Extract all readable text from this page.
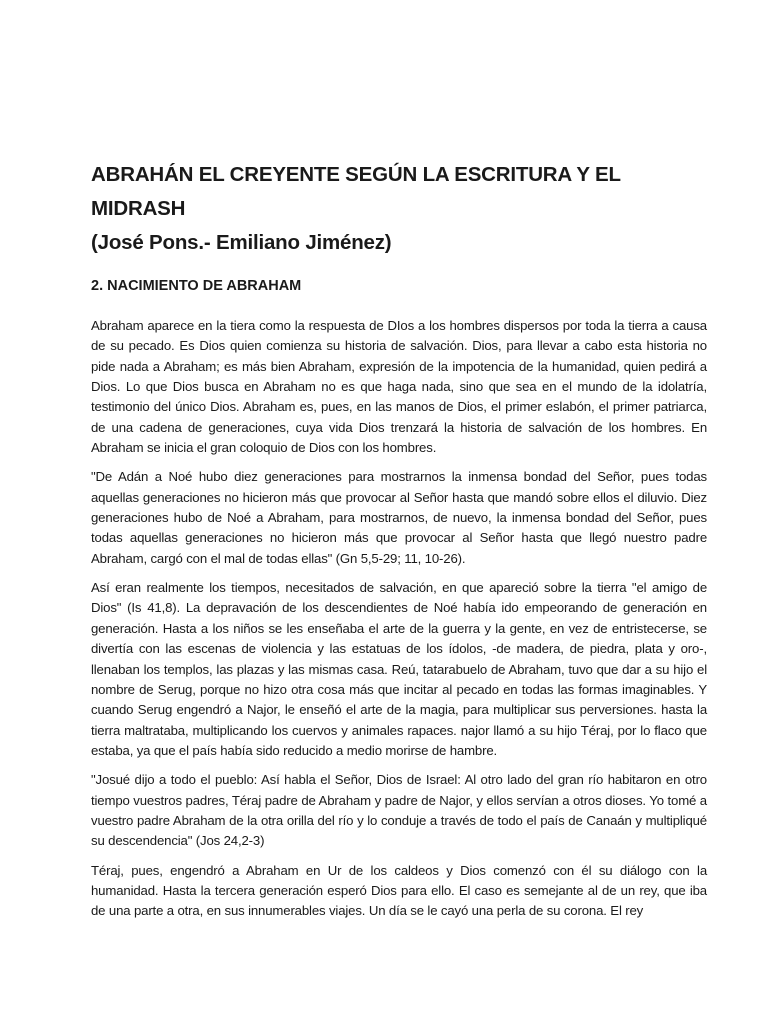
ABRAHÁN EL CREYENTE SEGÚN LA ESCRITURA Y EL MIDRASH
(José Pons.- Emiliano Jiménez)
2. NACIMIENTO DE ABRAHAM

Abraham aparece en la tiera como la respuesta de DIos a los hombres dispersos por toda la tierra a causa de su pecado. Es Dios quien comienza su historia de salvación. Dios, para llevar a cabo esta historia no pide nada a Abraham; es más bien Abraham, expresión de la impotencia de la humanidad, quien pedirá a Dios. Lo que Dios busca en Abraham no es que haga nada, sino que sea en el mundo de la idolatría, testimonio del único Dios. Abraham es, pues, en las manos de Dios, el primer eslabón, el primer patriarca, de una cadena de generaciones, cuya vida Dios trenzará la historia de salvación de los hombres. En Abraham se inicia el gran coloquio de Dios con los hombres.

"De Adán a Noé hubo diez generaciones para mostrarnos la inmensa bondad del Señor, pues todas aquellas generaciones no hicieron más que provocar al Señor hasta que mandó sobre ellos el diluvio. Diez generaciones hubo de Noé a Abraham, para mostrarnos, de nuevo, la inmensa bondad del Señor, pues todas aquellas generaciones no hicieron más que provocar al Señor hasta que llegó nuestro padre Abraham, cargó con el mal de todas ellas" (Gn 5,5-29; 11, 10-26).

Así eran realmente los tiempos, necesitados de salvación, en que apareció sobre la tierra "el amigo de Dios" (Is 41,8). La depravación de los descendientes de Noé había ido empeorando de generación en generación. Hasta a los niños se les enseñaba el arte de la guerra y la gente, en vez de entristecerse, se divertía con las escenas de violencia y las estatuas de los ídolos, -de madera, de piedra, plata y oro-, llenaban los templos, las plazas y las mismas casa. Reú, tatarabuelo de Abraham, tuvo que dar a su hijo el nombre de Serug, porque no hizo otra cosa más que incitar al pecado en todas las formas imaginables. Y cuando Serug engendró a Najor, le enseñó el arte de la magia, para multiplicar sus perversiones. hasta la tierra maltrataba, multiplicando los cuervos y animales rapaces. najor llamó a su hijo Téraj, por lo flaco que estaba, ya que el país había sido reducido a medio morirse de hambre.

"Josué dijo a todo el pueblo: Así habla el Señor, Dios de Israel: Al otro lado del gran río habitaron en otro tiempo vuestros padres, Téraj padre de Abraham y padre de Najor, y ellos servían a otros dioses. Yo tomé a vuestro padre Abraham de la otra orilla del río y lo conduje a través de todo el país de Canaán y multipliqué su descendencia" (Jos 24,2-3)

Téraj, pues, engendró a Abraham en Ur de los caldeos y Dios comenzó con él su diálogo con la humanidad. Hasta la tercera generación esperó Dios para ello. El caso es semejante al de un rey, que iba de una parte a otra, en sus innumerables viajes. Un día se le cayó una perla de su corona. El rey
